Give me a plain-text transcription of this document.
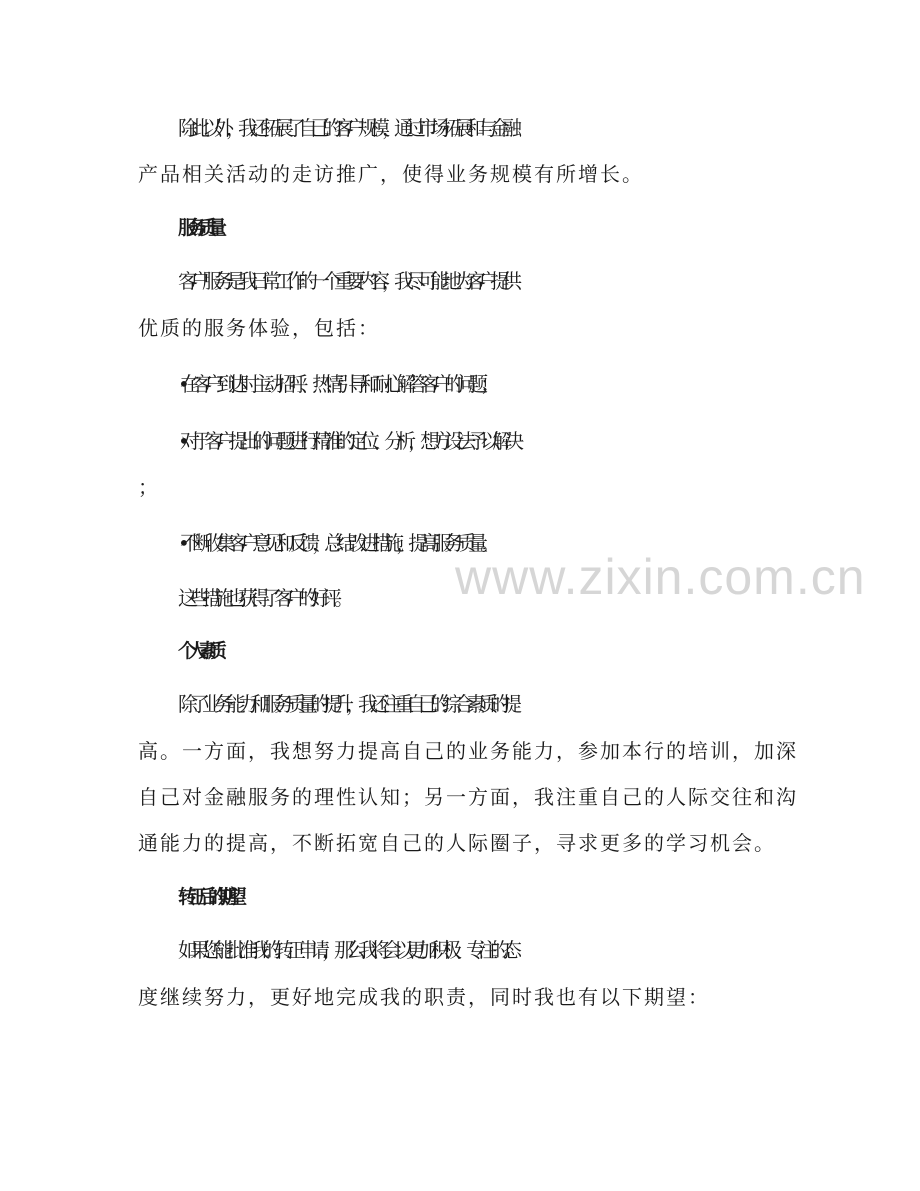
除此以外，我还拓展了自己的客户规模，通过市场拓展和与金融
产品相关活动的走访推广，使得业务规模有所增长。
服务质量
客户服务是我日常工作的一个重要内容，我尽可能地为客户提供
优质的服务体验，包括：
• 在客户到达时主动招呼、热情引导和耐心解答客户的问题；
• 对于客户提出的问题进行精准的定位、分析，想方设法予以解决
；
• 不断收集客户意见和反馈，总结改进措施，提高服务质量。
这些措施也获得了客户的好评。
个人素质
除了业务能力和服务质量的提升，我还注重自己的综合素质的提
高。一方面，我想努力提高自己的业务能力，参加本行的培训，加深
自己对金融服务的理性认知；另一方面，我注重自己的人际交往和沟
通能力的提高，不断拓宽自己的人际圈子，寻求更多的学习机会。
转正后的期望
如果您能批准我的转正申请，那么我将会以更加积极、专注的态
度继续努力，更好地完成我的职责，同时我也有以下期望：
www.zixin.com.cn
